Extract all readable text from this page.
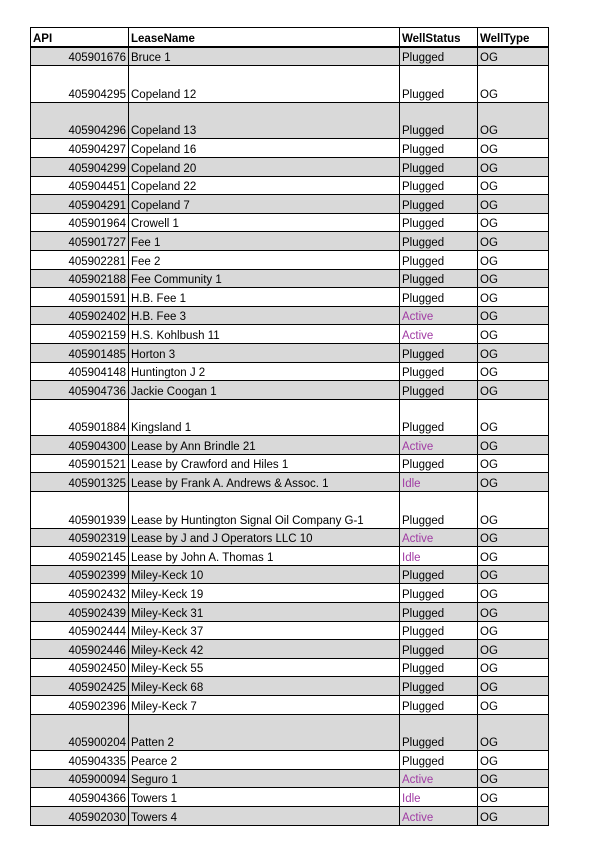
API	LeaseName	WellStatus	WellType
405901676	Bruce 1	Plugged	OG
405904295	Copeland 12	Plugged	OG
405904296	Copeland 13	Plugged	OG
405904297	Copeland 16	Plugged	OG
405904299	Copeland 20	Plugged	OG
405904451	Copeland 22	Plugged	OG
405904291	Copeland 7	Plugged	OG
405901964	Crowell 1	Plugged	OG
405901727	Fee 1	Plugged	OG
405902281	Fee 2	Plugged	OG
405902188	Fee Community 1	Plugged	OG
405901591	H.B. Fee 1	Plugged	OG
405902402	H.B. Fee 3	Active	OG
405902159	H.S. Kohlbush 11	Active	OG
405901485	Horton 3	Plugged	OG
405904148	Huntington J 2	Plugged	OG
405904736	Jackie Coogan 1	Plugged	OG
405901884	Kingsland 1	Plugged	OG
405904300	Lease by Ann Brindle 21	Active	OG
405901521	Lease by Crawford and Hiles 1	Plugged	OG
405901325	Lease by Frank A. Andrews & Assoc. 1	Idle	OG
405901939	Lease by Huntington Signal Oil Company G-1	Plugged	OG
405902319	Lease by J and J Operators LLC 10	Active	OG
405902145	Lease by John A. Thomas 1	Idle	OG
405902399	Miley-Keck 10	Plugged	OG
405902432	Miley-Keck 19	Plugged	OG
405902439	Miley-Keck 31	Plugged	OG
405902444	Miley-Keck 37	Plugged	OG
405902446	Miley-Keck 42	Plugged	OG
405902450	Miley-Keck 55	Plugged	OG
405902425	Miley-Keck 68	Plugged	OG
405902396	Miley-Keck 7	Plugged	OG
405900204	Patten 2	Plugged	OG
405904335	Pearce 2	Plugged	OG
405900094	Seguro 1	Active	OG
405904366	Towers 1	Idle	OG
405902030	Towers 4	Active	OG
